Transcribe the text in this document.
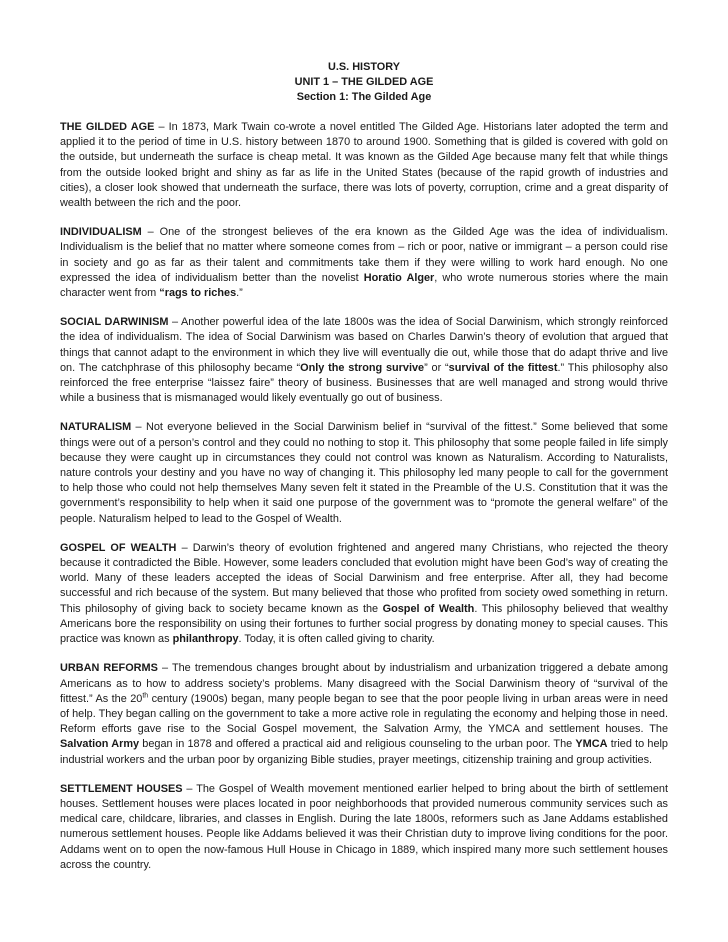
U.S. HISTORY
UNIT 1 – THE GILDED AGE
Section 1: The Gilded Age

THE GILDED AGE – In 1873, Mark Twain co-wrote a novel entitled The Gilded Age. Historians later adopted the term and applied it to the period of time in U.S. history between 1870 to around 1900. Something that is gilded is covered with gold on the outside, but underneath the surface is cheap metal. It was known as the Gilded Age because many felt that while things from the outside looked bright and shiny as far as life in the United States (because of the rapid growth of industries and cities), a closer look showed that underneath the surface, there was lots of poverty, corruption, crime and a great disparity of wealth between the rich and the poor.

INDIVIDUALISM – One of the strongest believes of the era known as the Gilded Age was the idea of individualism. Individualism is the belief that no matter where someone comes from – rich or poor, native or immigrant – a person could rise in society and go as far as their talent and commitments take them if they were willing to work hard enough. No one expressed the idea of individualism better than the novelist Horatio Alger, who wrote numerous stories where the main character went from “rags to riches.”

SOCIAL DARWINISM – Another powerful idea of the late 1800s was the idea of Social Darwinism, which strongly reinforced the idea of individualism. The idea of Social Darwinism was based on Charles Darwin’s theory of evolution that argued that things that cannot adapt to the environment in which they live will eventually die out, while those that do adapt thrive and live on. The catchphrase of this philosophy became “Only the strong survive” or “survival of the fittest.” This philosophy also reinforced the free enterprise “laissez faire” theory of business. Businesses that are well managed and strong would thrive while a business that is mismanaged would likely eventually go out of business.

NATURALISM – Not everyone believed in the Social Darwinism belief in “survival of the fittest.” Some believed that some things were out of a person’s control and they could no nothing to stop it. This philosophy that some people failed in life simply because they were caught up in circumstances they could not control was known as Naturalism. According to Naturalists, nature controls your destiny and you have no way of changing it. This philosophy led many people to call for the government to help those who could not help themselves Many seven felt it stated in the Preamble of the U.S. Constitution that it was the government’s responsibility to help when it said one purpose of the government was to “promote the general welfare” of the people. Naturalism helped to lead to the Gospel of Wealth.

GOSPEL OF WEALTH – Darwin’s theory of evolution frightened and angered many Christians, who rejected the theory because it contradicted the Bible. However, some leaders concluded that evolution might have been God’s way of creating the world. Many of these leaders accepted the ideas of Social Darwinism and free enterprise. After all, they had become successful and rich because of the system. But many believed that those who profited from society owed something in return. This philosophy of giving back to society became known as the Gospel of Wealth. This philosophy believed that wealthy Americans bore the responsibility on using their fortunes to further social progress by donating money to special causes. This practice was known as philanthropy. Today, it is often called giving to charity.

URBAN REFORMS – The tremendous changes brought about by industrialism and urbanization triggered a debate among Americans as to how to address society’s problems. Many disagreed with the Social Darwinism theory of “survival of the fittest.” As the 20th century (1900s) began, many people began to see that the poor people living in urban areas were in need of help. They began calling on the government to take a more active role in regulating the economy and helping those in need. Reform efforts gave rise to the Social Gospel movement, the Salvation Army, the YMCA and settlement houses. The Salvation Army began in 1878 and offered a practical aid and religious counseling to the urban poor. The YMCA tried to help industrial workers and the urban poor by organizing Bible studies, prayer meetings, citizenship training and group activities.

SETTLEMENT HOUSES – The Gospel of Wealth movement mentioned earlier helped to bring about the birth of settlement houses. Settlement houses were places located in poor neighborhoods that provided numerous community services such as medical care, childcare, libraries, and classes in English. During the late 1800s, reformers such as Jane Addams established numerous settlement houses. People like Addams believed it was their Christian duty to improve living conditions for the poor. Addams went on to open the now-famous Hull House in Chicago in 1889, which inspired many more such settlement houses across the country.
